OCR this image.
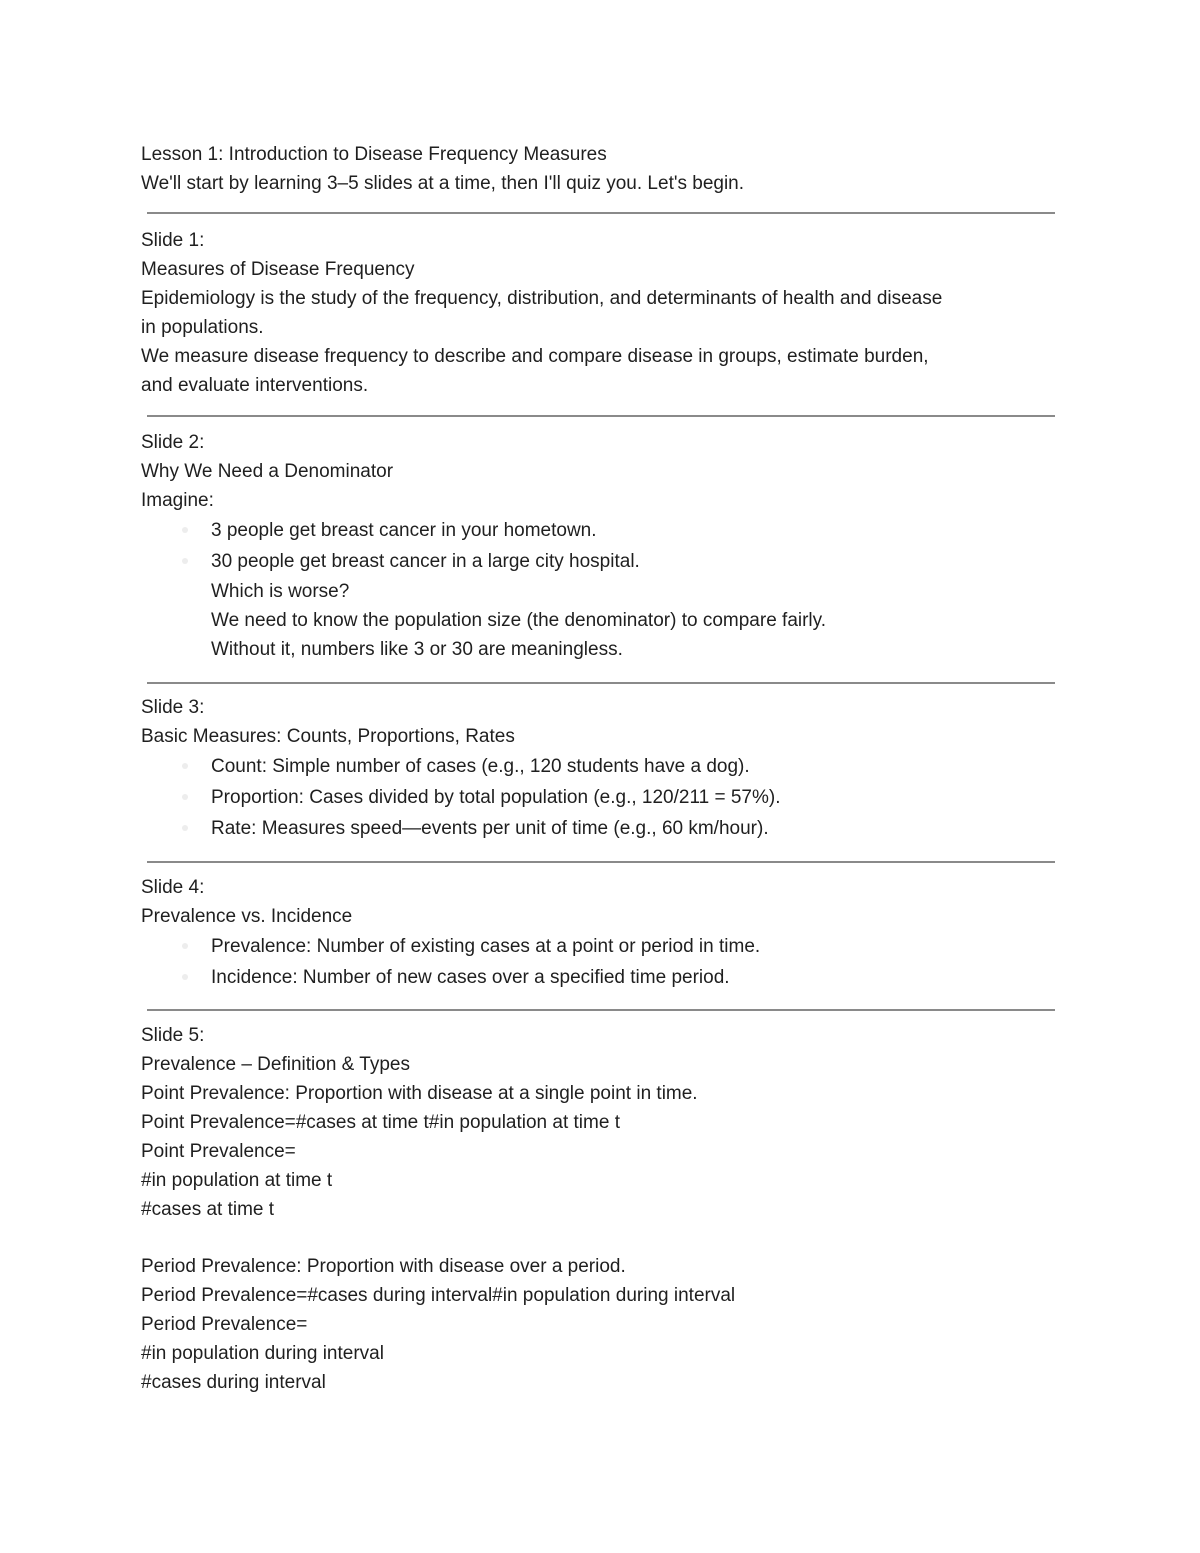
Lesson 1: Introduction to Disease Frequency Measures
We'll start by learning 3–5 slides at a time, then I'll quiz you. Let's begin.
Slide 1:
Measures of Disease Frequency
Epidemiology is the study of the frequency, distribution, and determinants of health and disease
in populations.
We measure disease frequency to describe and compare disease in groups, estimate burden,
and evaluate interventions.
Slide 2:
Why We Need a Denominator
Imagine:
3 people get breast cancer in your hometown.
30 people get breast cancer in a large city hospital.
Which is worse?
We need to know the population size (the denominator) to compare fairly.
Without it, numbers like 3 or 30 are meaningless.
Slide 3:
Basic Measures: Counts, Proportions, Rates
Count: Simple number of cases (e.g., 120 students have a dog).
Proportion: Cases divided by total population (e.g., 120/211 = 57%).
Rate: Measures speed—events per unit of time (e.g., 60 km/hour).
Slide 4:
Prevalence vs. Incidence
Prevalence: Number of existing cases at a point or period in time.
Incidence: Number of new cases over a specified time period.
Slide 5:
Prevalence – Definition & Types
Point Prevalence: Proportion with disease at a single point in time.
Point Prevalence=#cases at time t#in population at time t
Point Prevalence=
#in population at time t
#cases at time t
Period Prevalence: Proportion with disease over a period.
Period Prevalence=#cases during interval#in population during interval
Period Prevalence=
#in population during interval
#cases during interval
